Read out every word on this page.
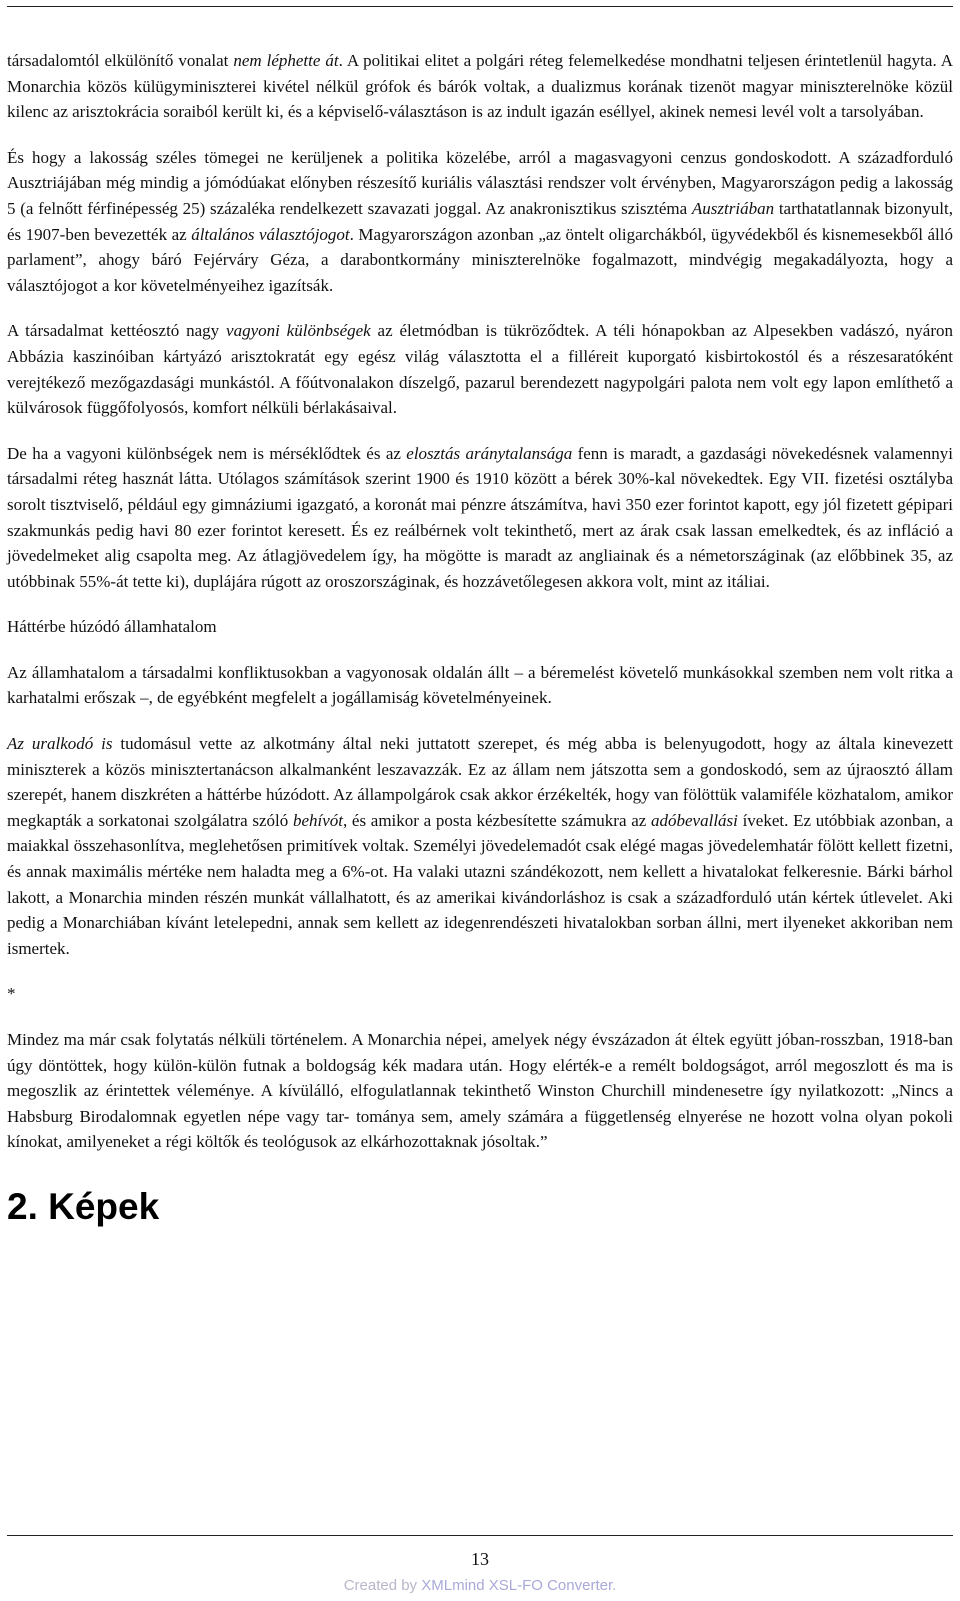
társadalomtól elkülönítő vonalat nem léphette át. A politikai elitet a polgári réteg felemelkedése mondhatni teljesen érintetlenül hagyta. A Monarchia közös külügyminiszterei kivétel nélkül grófok és bárók voltak, a dualizmus korának tizenöt magyar miniszterelnöke közül kilenc az arisztokrácia soraiból került ki, és a képviselő-választáson is az indult igazán eséllyel, akinek nemesi levél volt a tarsolyában.

És hogy a lakosság széles tömegei ne kerüljenek a politika közelébe, arról a magasvagyoni cenzus gondoskodott. A századforduló Ausztriájában még mindig a jómódúakat előnyben részesítő kuriális választási rendszer volt érvényben, Magyarországon pedig a lakosság 5 (a felnőtt férfinépesség 25) százaléka rendelkezett szavazati joggal. Az anakronisztikus szisztéma Ausztriában tarthatatlannak bizonyult, és 1907-ben bevezették az általános választójogot. Magyarországon azonban „az öntelt oligarchákból, ügyvédekből és kisnemesekből álló parlament”, ahogy báró Fejérváry Géza, a darabontkormány miniszterelnöke fogalmazott, mindvégig megakadályozta, hogy a választójogot a kor követelményeihez igazítsák.

A társadalmat kettéosztó nagy vagyoni különbségek az életmódban is tükröződtek. A téli hónapokban az Alpesekben vadászó, nyáron Abbázia kaszinóiban kártyázó arisztokratát egy egész világ választotta el a filléreit kuporgató kisbirtokostól és a részesaratóként verejtékező mezőgazdasági munkástól. A főútvonalakon díszelgő, pazarul berendezett nagypolgári palota nem volt egy lapon említhető a külvárosok függőfolyosós, komfort nélküli bérlakásaival.

De ha a vagyoni különbségek nem is mérséklődtek és az elosztás aránytalansága fenn is maradt, a gazdasági növekedésnek valamennyi társadalmi réteg hasznát látta. Utólagos számítások szerint 1900 és 1910 között a bérek 30%-kal növekedtek. Egy VII. fizetési osztályba sorolt tisztviselő, például egy gimnáziumi igazgató, a koronát mai pénzre átszámítva, havi 350 ezer forintot kapott, egy jól fizetett gépipari szakmunkás pedig havi 80 ezer forintot keresett. És ez reálbérnek volt tekinthető, mert az árak csak lassan emelkedtek, és az infláció a jövedelmeket alig csapolta meg. Az átlagjövedelem így, ha mögötte is maradt az angliainak és a németországinak (az előbbinek 35, az utóbbinak 55%-át tette ki), duplájára rúgott az oroszországinak, és hozzávetőlegesen akkora volt, mint az itáliai.

Háttérbe húzódó államhatalom

Az államhatalom a társadalmi konfliktusokban a vagyonosak oldalán állt – a béremelést követelő munkásokkal szemben nem volt ritka a karhatalmi erőszak –, de egyébként megfelelt a jogállamiság követelményeinek.

Az uralkodó is tudomásul vette az alkotmány által neki juttatott szerepet, és még abba is belenyugodott, hogy az általa kinevezett miniszterek a közös minisztertanácson alkalmanként leszavazzák. Ez az állam nem játszotta sem a gondoskodó, sem az újraosztó állam szerepét, hanem diszkréten a háttérbe húzódott. Az állampolgárok csak akkor érzékelték, hogy van fölöttük valamiféle közhatalom, amikor megkapták a sorkatonai szolgálatra szóló behívót, és amikor a posta kézbesítette számukra az adóbevallási íveket. Ez utóbbiak azonban, a maiakkal összehasonlítva, meglehetősen primitívek voltak. Személyi jövedelemadót csak elégé magas jövedelemhatár fölött kellett fizetni, és annak maximális mértéke nem haladta meg a 6%-ot. Ha valaki utazni szándékozott, nem kellett a hivatalokat felkeresnie. Bárki bárhol lakott, a Monarchia minden részén munkát vállalhatott, és az amerikai kivándorláshoz is csak a századforduló után kértek útlevelet. Aki pedig a Monarchiában kívánt letelepedni, annak sem kellett az idegenrendészeti hivatalokban sorban állni, mert ilyeneket akkoriban nem ismertek.

*

Mindez ma már csak folytatás nélküli történelem. A Monarchia népei, amelyek négy évszázadon át éltek együtt jóban-rosszban, 1918-ban úgy döntöttek, hogy külön-külön futnak a boldogság kék madara után. Hogy elérték-e a remélt boldogságot, arról megoszlott és ma is megoszlik az érintettek véleménye. A kívülálló, elfogulatlannak tekinthető Winston Churchill mindenesetre így nyilatkozott: „Nincs a Habsburg Birodalomnak egyetlen népe vagy tar- tománya sem, amely számára a függetlenség elnyerése ne hozott volna olyan pokoli kínokat, amilyeneket a régi költők és teológusok az elkárhozottaknak jósoltak.”

2. Képek
13
Created by XMLmind XSL-FO Converter.
